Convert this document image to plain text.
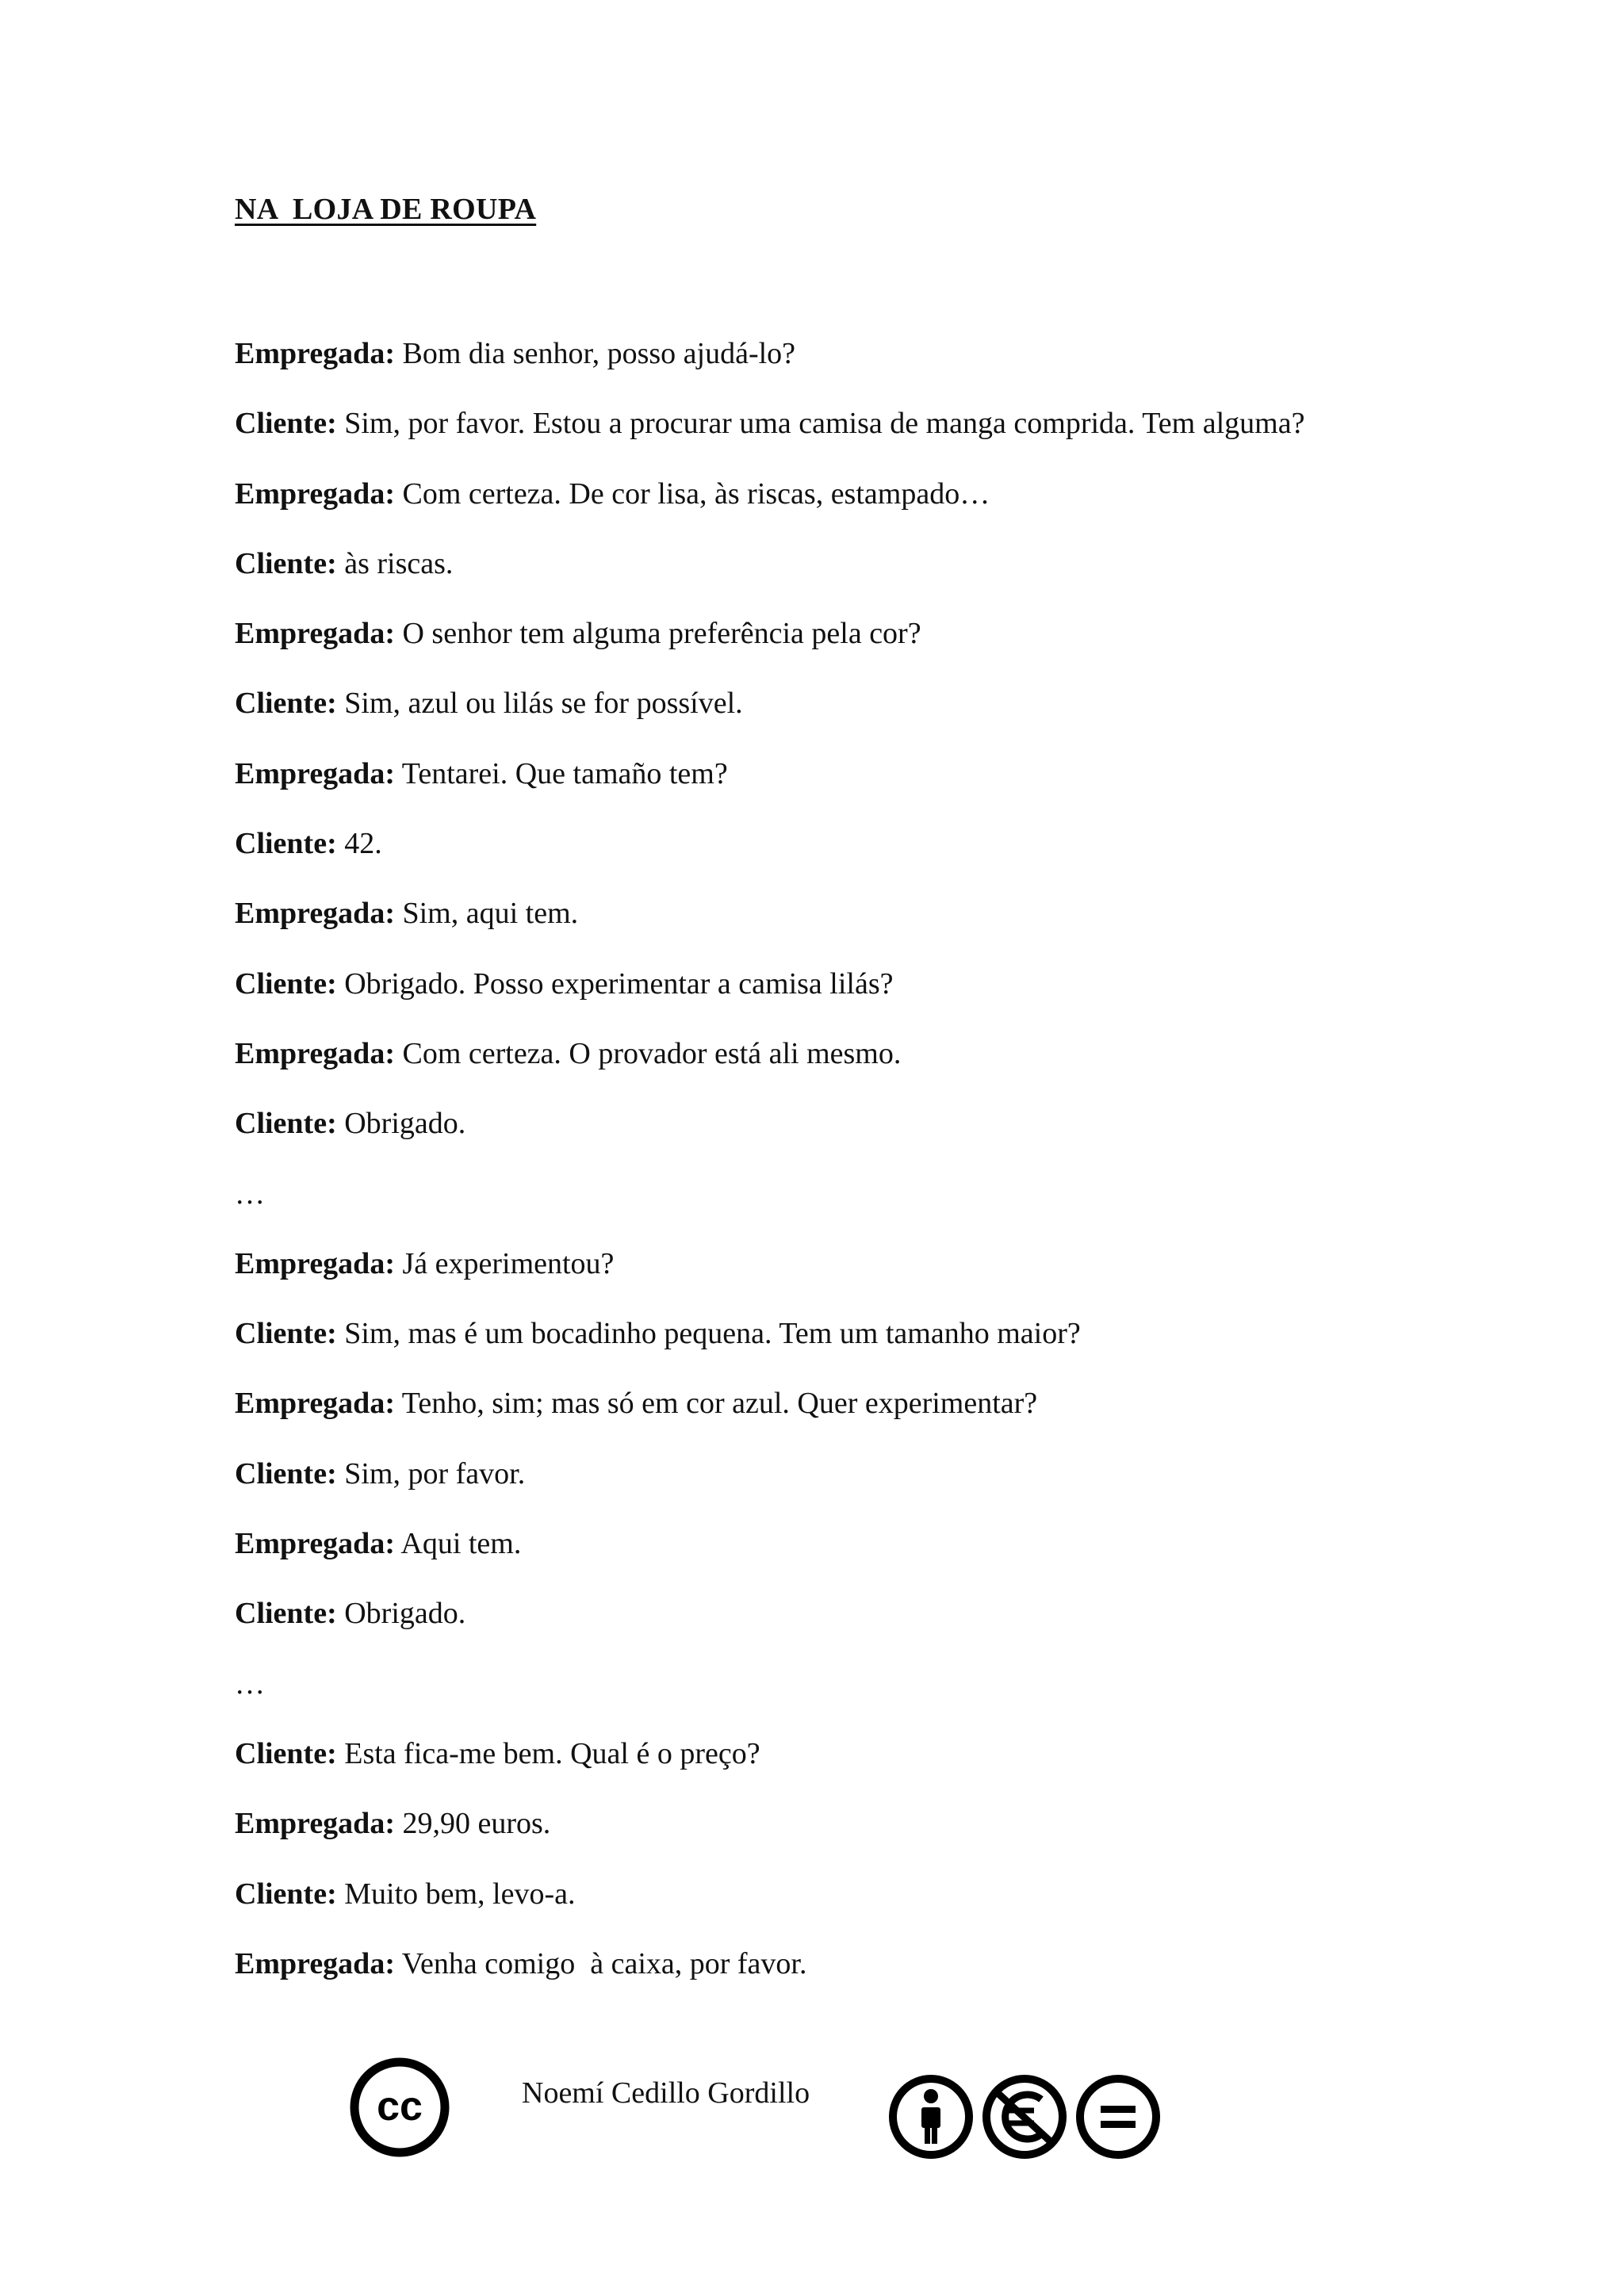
NA  LOJA DE ROUPA
Empregada: Bom dia senhor, posso ajudá-lo?
Cliente: Sim, por favor. Estou a procurar uma camisa de manga comprida. Tem alguma?
Empregada: Com certeza. De cor lisa, às riscas, estampado…
Cliente: às riscas.
Empregada: O senhor tem alguma preferência pela cor?
Cliente: Sim, azul ou lilás se for possível.
Empregada: Tentarei. Que tamaño tem?
Cliente: 42.
Empregada: Sim, aqui tem.
Cliente: Obrigado. Posso experimentar a camisa lilás?
Empregada: Com certeza. O provador está ali mesmo.
Cliente: Obrigado.
…
Empregada: Já experimentou?
Cliente: Sim, mas é um bocadinho pequena. Tem um tamanho maior?
Empregada: Tenho, sim; mas só em cor azul. Quer experimentar?
Cliente: Sim, por favor.
Empregada: Aqui tem.
Cliente: Obrigado.
…
Cliente: Esta fica-me bem. Qual é o preço?
Empregada: 29,90 euros.
Cliente: Muito bem, levo-a.
Empregada: Venha comigo  à caixa, por favor.
cc	Noemí Cedillo Gordillo
